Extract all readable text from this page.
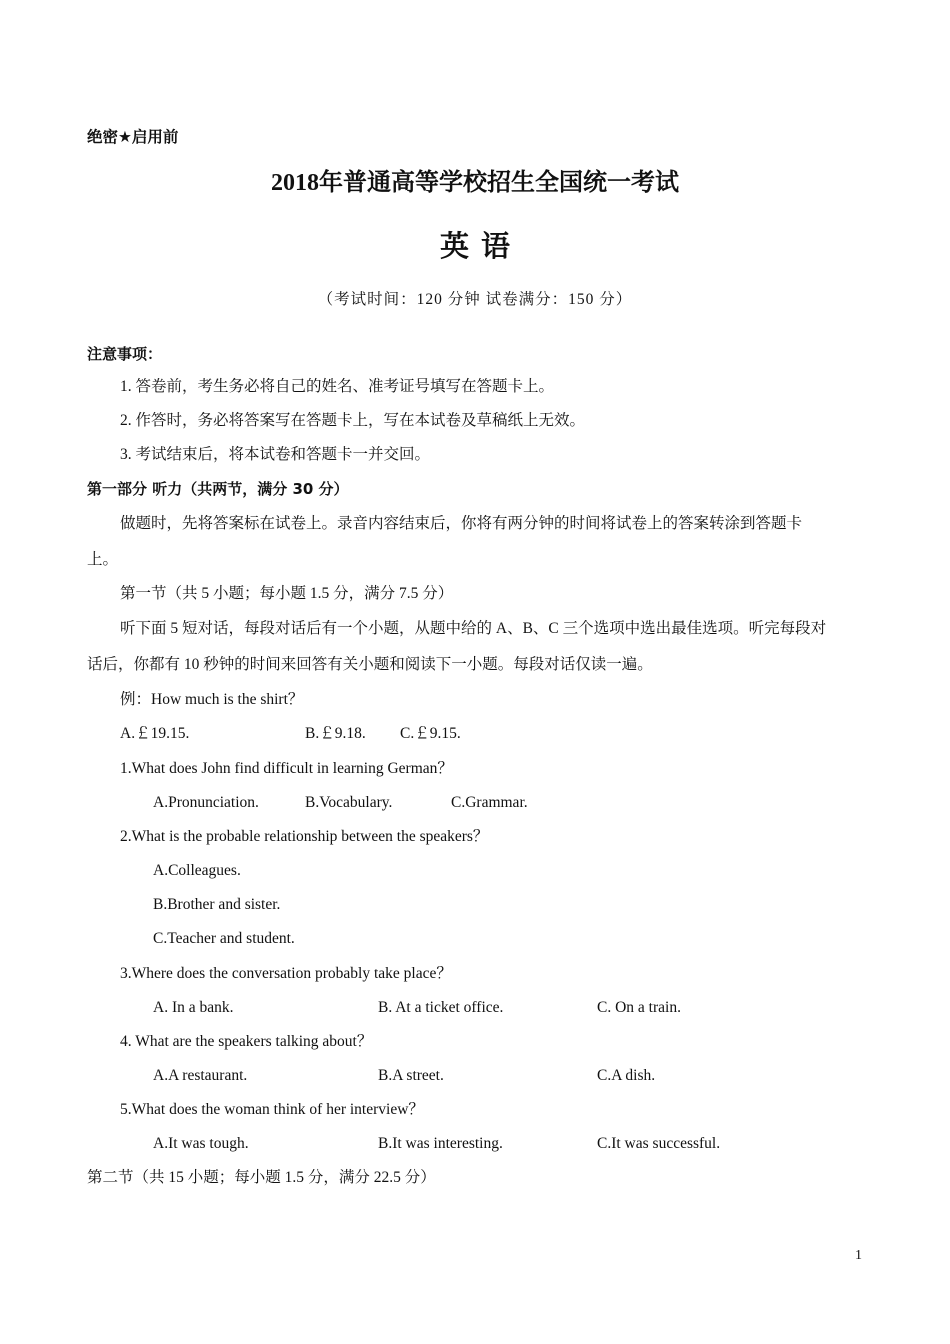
绝密★启用前
2018年普通高等学校招生全国统一考试
英语
（考试时间：120 分钟 试卷满分：150 分）
注意事项：
1. 答卷前，考生务必将自己的姓名、准考证号填写在答题卡上。
2. 作答时，务必将答案写在答题卡上，写在本试卷及草稿纸上无效。
3. 考试结束后，将本试卷和答题卡一并交回。
第一部分 听力（共两节，满分 30 分）
做题时，先将答案标在试卷上。录音内容结束后，你将有两分钟的时间将试卷上的答案转涂到答题卡
上。
第一节（共 5 小题；每小题 1.5 分，满分 7.5 分）
听下面 5 短对话，每段对话后有一个小题，从题中给的 A、B、C 三个选项中选出最佳选项。听完每段对
话后，你都有 10 秒钟的时间来回答有关小题和阅读下一小题。每段对话仅读一遍。
例：How much is the shirt？
A.￡19.15.	B.￡9.18. C.￡9.15.
1.What does John find difficult in learning German？
A.Pronunciation.	B.Vocabulary.	C.Grammar.
2.What is the probable relationship between the speakers？
A.Colleagues.
B.Brother and sister.
C.Teacher and student.
3.Where does the conversation probably take place？
A. In a bank.	B. At a ticket office.	C. On a train.
4. What are the speakers talking about？
A.A restaurant.	B.A street.	C.A dish.
5.What does the woman think of her interview？
A.It was tough.	B.It was interesting.	C.It was successful.
第二节（共 15 小题；每小题 1.5 分，满分 22.5 分）
1
